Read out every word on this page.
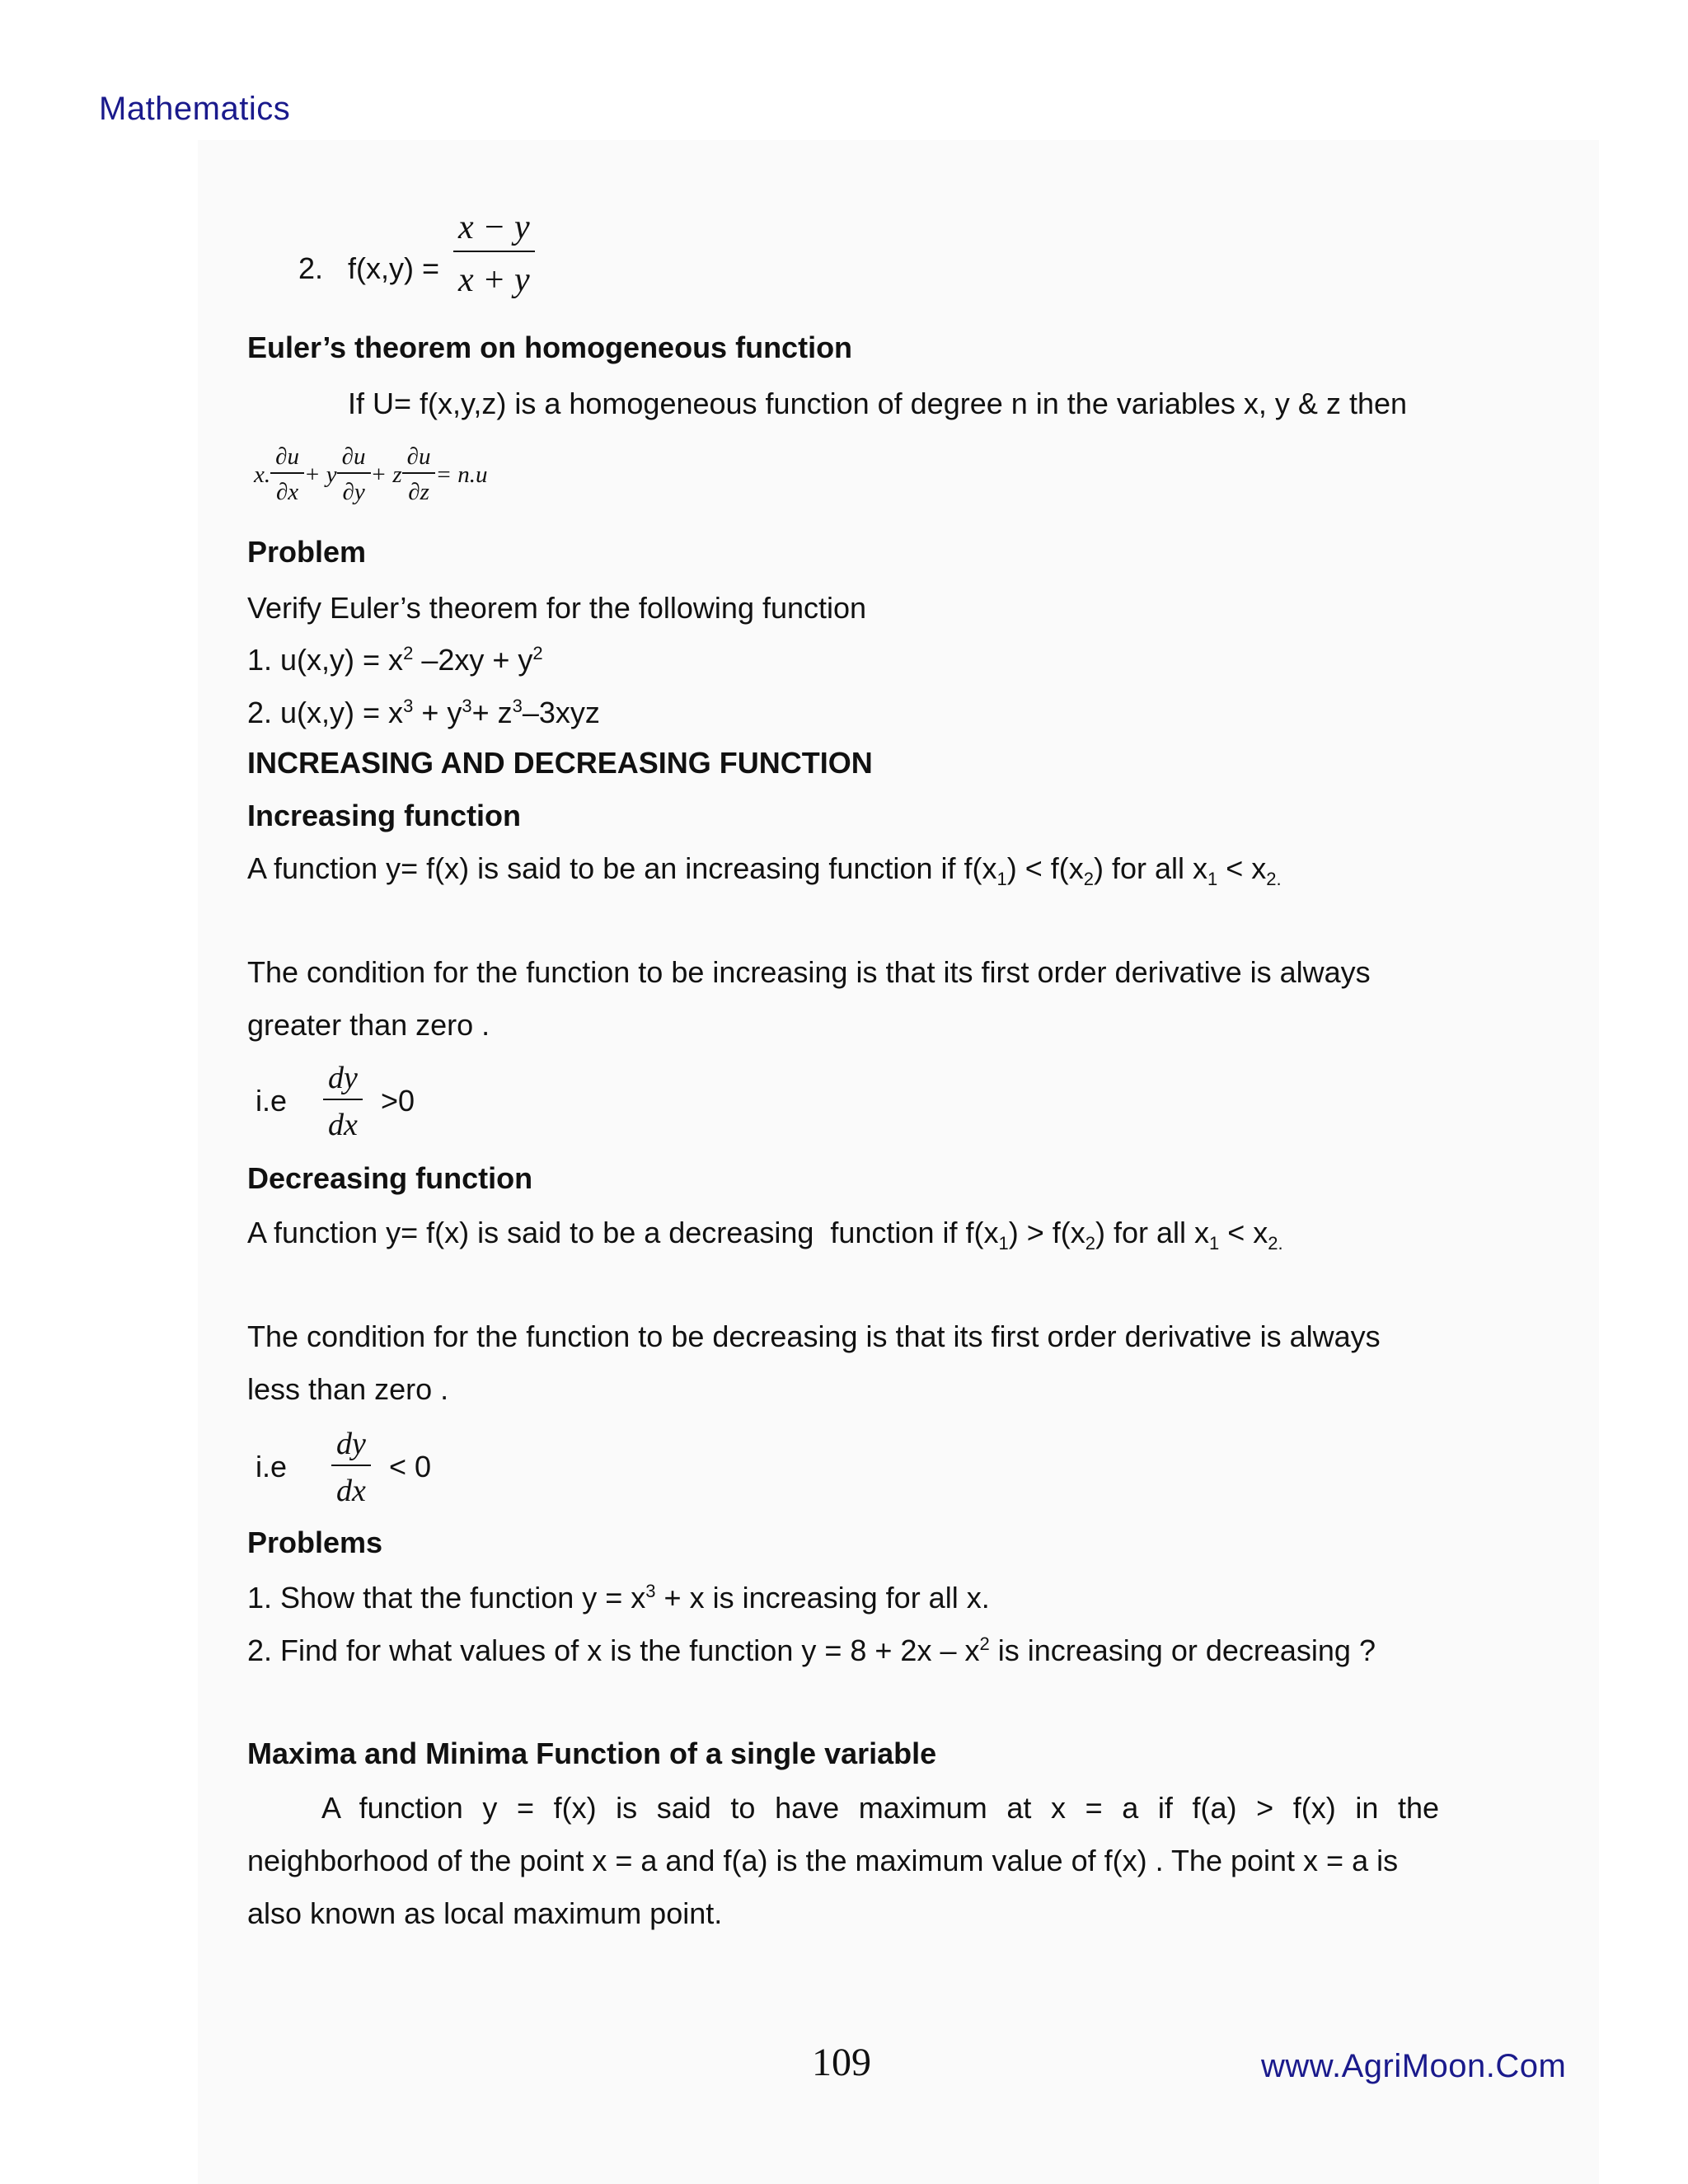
Mathematics
2. $f(x,y) = \frac{x - y}{x + y}$
Euler’s theorem on homogeneous function
If U= f(x,y,z) is a homogeneous function of degree n in the variables x, y & z then
x. $\frac{\partial u}{\partial x} + y \frac{\partial u}{\partial y} + z \frac{\partial u}{\partial z} = n.u$
Problem
Verify Euler’s theorem for the following function
1. $u(x,y) = x^2$ $-2xy + y^2$
2. $u(x,y) = x^3 + y^3+ z^3-3xyz$
INCREASING AND DECREASING FUNCTION
Increasing function
A function y= f(x) is said to be an increasing function if $f(x_1) < f(x_2)$ for all $x_1 < x_{2.}$
The condition for the function to be increasing is that its first order derivative is always
greater than zero .
$i.e \frac{dy}{dx} >0$
Decreasing function
A function y= f(x) is said to be a decreasing  function if $f(x_1) > f(x_2)$ for all $x_1 < x_{2.}$
The condition for the function to be decreasing is that its first order derivative is always
less than zero .
$i.e \frac{dy}{dx} < 0$
Problems
1. Show that the function $y = x^3 + x$ is increasing for all x.
2. Find for what values of x is the function $y = 8 + 2x - x^2$ is increasing or decreasing ?
Maxima and Minima Function of a single variable
A function y = f(x) is said to have maximum at x = a if f(a) > f(x) in the
neighborhood of the point x = a and f(a) is the maximum value of f(x) . The point x = a is
also known as local maximum point.
109	www.AgriMoon.Com
